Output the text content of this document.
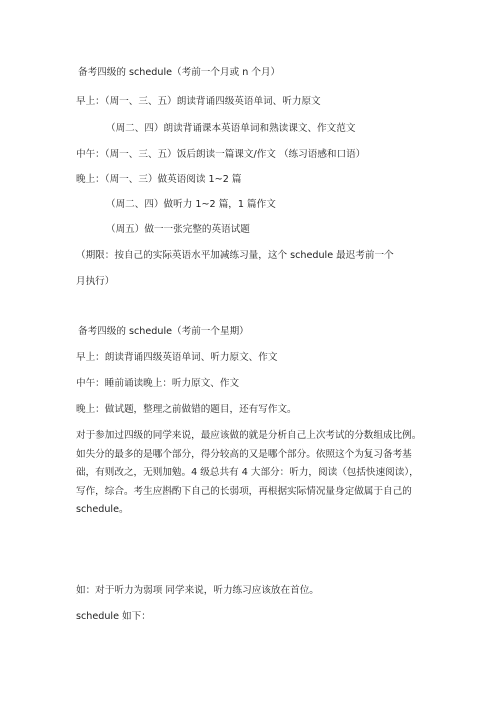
备考四级的 schedule（考前一个月或 n 个月）
早上：（周一、三、五）朗读背诵四级英语单词、听力原文
（周二、四）朗读背诵课本英语单词和熟读课文、作文范文
中午：（周一、三、五）饭后朗读一篇课文/作文 （练习语感和口语）
晚上：（周一、三）做英语阅读 1~2 篇
（周二、四）做听力 1~2 篇，1 篇作文
（周五）做一一张完整的英语试题
（期限：按自己的实际英语水平加减练习量，这个 schedule 最迟考前一个
月执行）
备考四级的 schedule（考前一个星期）
早上：朗读背诵四级英语单词、听力原文、作文
中午：睡前诵读晚上：听力原文、作文
晚上：做试题，整理之前做错的题目，还有写作文。
对于参加过四级的同学来说，最应该做的就是分析自己上次考试的分数组成比例。如失分的最多的是哪个部分，得分较高的又是哪个部分。依照这个为复习备考基础，有则改之，无则加勉。4 级总共有 4 大部分：听力，阅读（包括快速阅读），写作，综合。考生应斟酌下自己的长弱项，再根据实际情况量身定做属于自己的 schedule。
如：对于听力为弱项 同学来说，听力练习应该放在首位。
schedule 如下：
